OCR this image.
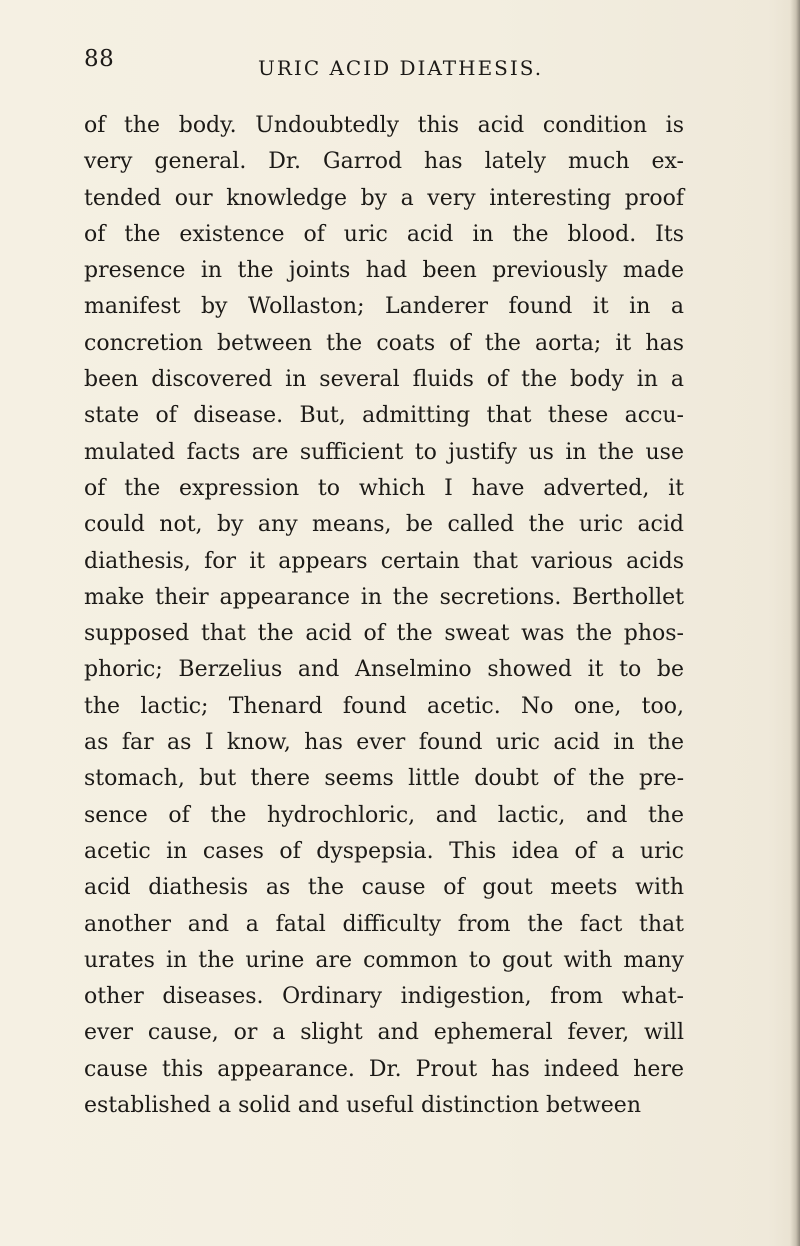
88	URIC ACID DIATHESIS.
of the body. Undoubtedly this acid condition is
very general. Dr. Garrod has lately much ex-
tended our knowledge by a very interesting proof
of the existence of uric acid in the blood. Its
presence in the joints had been previously made
manifest by Wollaston; Landerer found it in a
concretion between the coats of the aorta; it has
been discovered in several fluids of the body in a
state of disease. But, admitting that these accu-
mulated facts are sufficient to justify us in the use
of the expression to which I have adverted, it
could not, by any means, be called the uric acid
diathesis, for it appears certain that various acids
make their appearance in the secretions. Berthollet
supposed that the acid of the sweat was the phos-
phoric; Berzelius and Anselmino showed it to be
the lactic; Thenard found acetic. No one, too,
as far as I know, has ever found uric acid in the
stomach, but there seems little doubt of the pre-
sence of the hydrochloric, and lactic, and the
acetic in cases of dyspepsia. This idea of a uric
acid diathesis as the cause of gout meets with
another and a fatal difficulty from the fact that
urates in the urine are common to gout with many
other diseases. Ordinary indigestion, from what-
ever cause, or a slight and ephemeral fever, will
cause this appearance. Dr. Prout has indeed here
established a solid and useful distinction between
